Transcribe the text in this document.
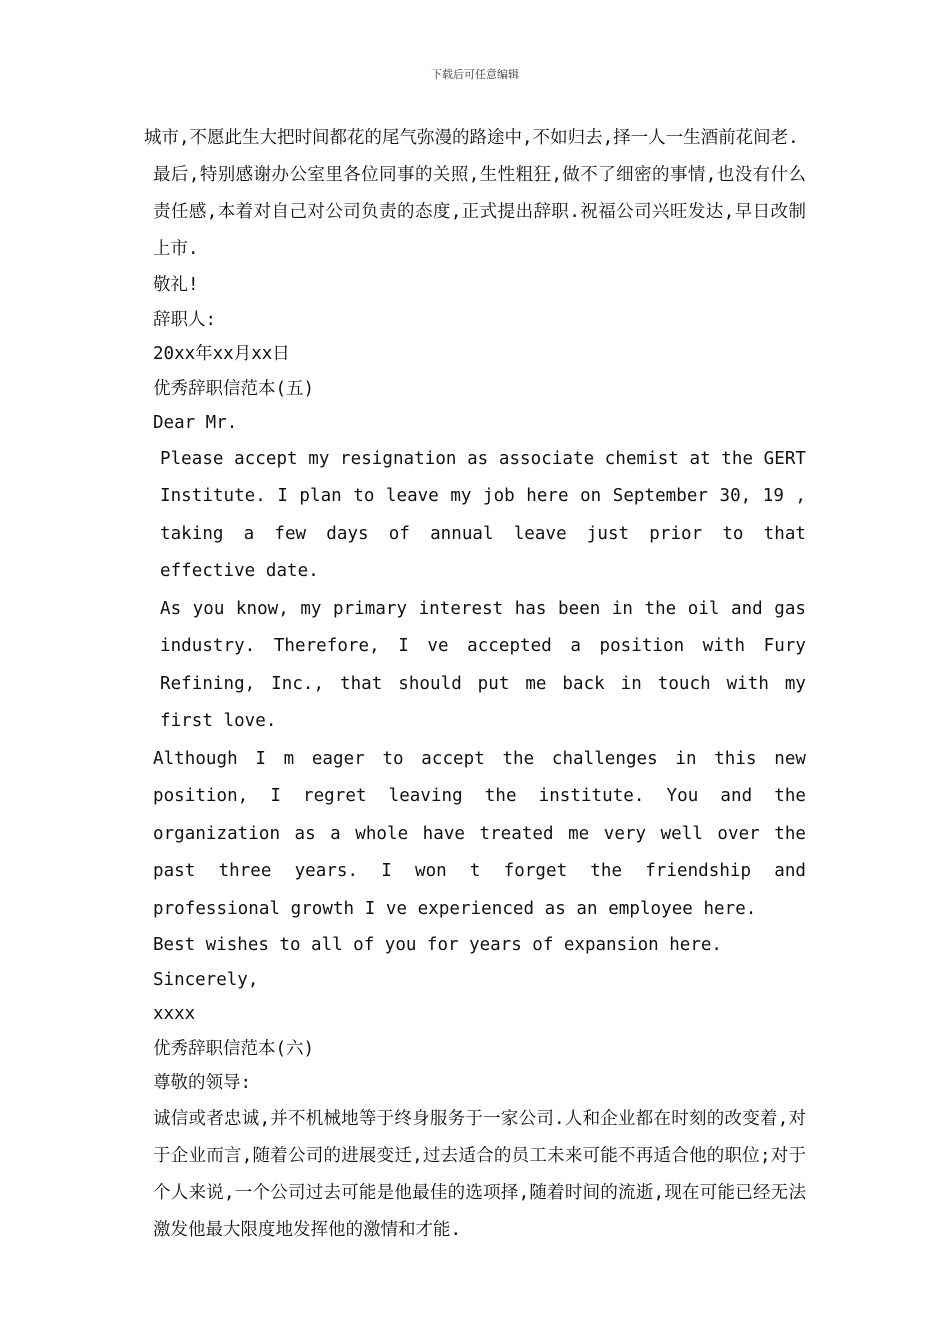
下载后可任意编辑
城市,不愿此生大把时间都花的尾气弥漫的路途中,不如归去,择一人一生酒前花间老.
最后,特别感谢办公室里各位同事的关照,生性粗狂,做不了细密的事情,也没有什么责任感,本着对自己对公司负责的态度,正式提出辞职.祝福公司兴旺发达,早日改制上市.
敬礼!
辞职人:
20xx年xx月xx日
优秀辞职信范本(五)
Dear Mr.
Please accept my resignation as associate chemist at the GERT Institute. I plan to leave my job here on September 30, 19 , taking a few days of annual leave just prior to that effective date.
As you know, my primary interest has been in the oil and gas industry. Therefore, I ve accepted a position with Fury Refining, Inc., that should put me back in touch with my first love.
Although I m eager to accept the challenges in this new position, I regret leaving the institute. You and the organization as a whole have treated me very well over the past three years. I won t forget the friendship and professional growth I ve experienced as an employee here.
Best wishes to all of you for years of expansion here.
Sincerely,
xxxx
优秀辞职信范本(六)
尊敬的领导:
诚信或者忠诚,并不机械地等于终身服务于一家公司.人和企业都在时刻的改变着,对于企业而言,随着公司的进展变迁,过去适合的员工未来可能不再适合他的职位;对于个人来说,一个公司过去可能是他最佳的选项择,随着时间的流逝,现在可能已经无法激发他最大限度地发挥他的激情和才能.
